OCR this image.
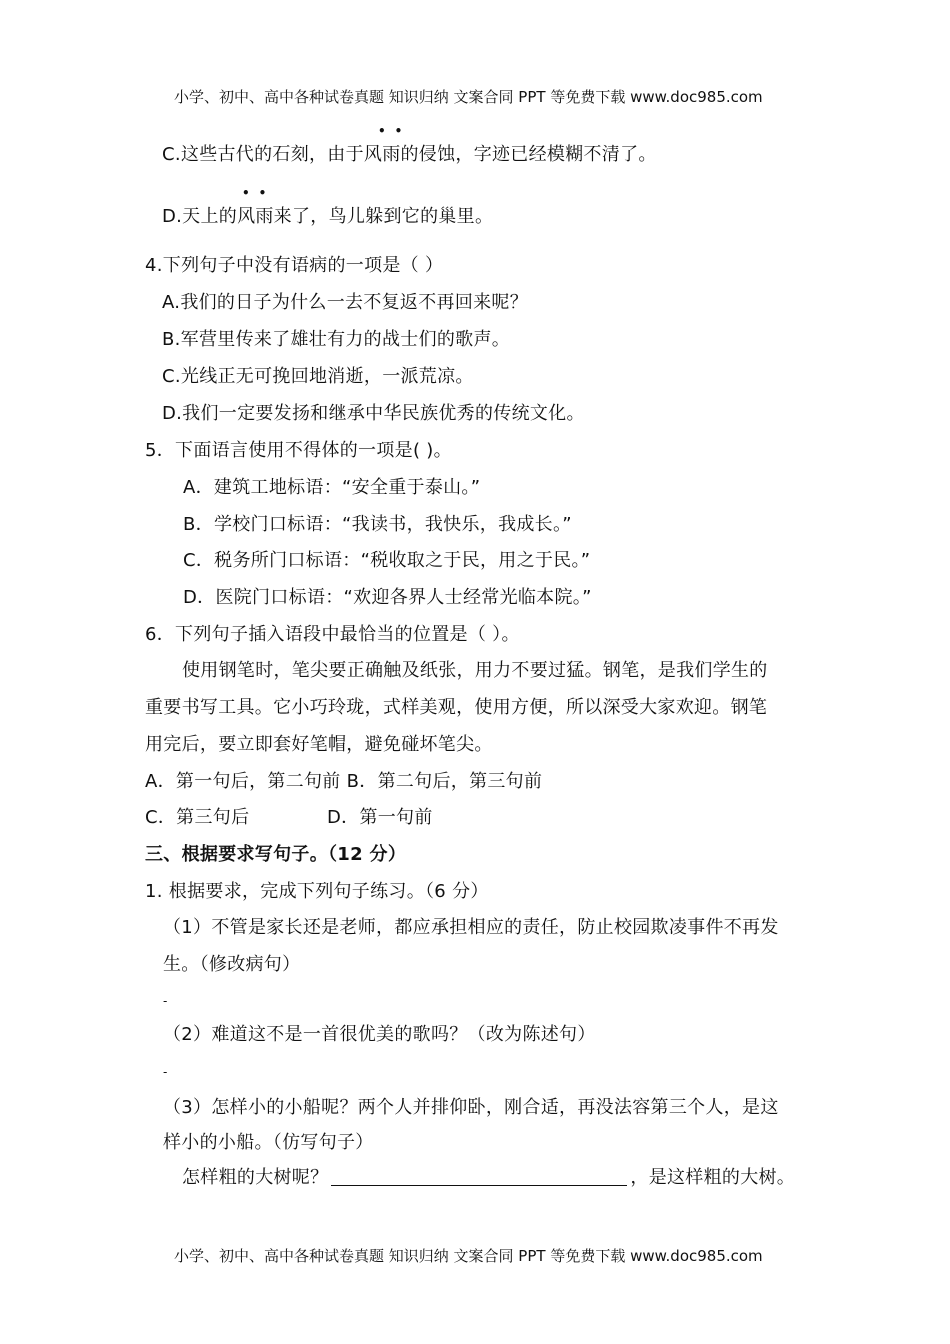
小学、初中、高中各种试卷真题 知识归纳 文案合同 PPT 等免费下载 www.doc985.com
••
C.这些古代的石刻，由于风雨的侵蚀，字迹已经模糊不清了。
••
D.天上的风雨来了，鸟儿躲到它的巢里。
4.下列句子中没有语病的一项是（ ）
A.我们的日子为什么一去不复返不再回来呢？
B.军营里传来了雄壮有力的战士们的歌声。
C.光线正无可挽回地消逝，一派荒凉。
D.我们一定要发扬和继承中华民族优秀的传统文化。
5．下面语言使用不得体的一项是( )。
A．建筑工地标语：“安全重于泰山。”
B．学校门口标语：“我读书，我快乐，我成长。”
C．税务所门口标语：“税收取之于民，用之于民。”
D．医院门口标语：“欢迎各界人士经常光临本院。”
6．下列句子插入语段中最恰当的位置是（ ）。
使用钢笔时，笔尖要正确触及纸张，用力不要过猛。钢笔，是我们学生的
重要书写工具。它小巧玲珑，式样美观，使用方便，所以深受大家欢迎。钢笔
用完后，要立即套好笔帽，避免碰坏笔尖。
A．第一句后，第二句前 B．第二句后，第三句前
C．第三句后	D．第一句前
三、根据要求写句子。（12 分）
1. 根据要求，完成下列句子练习。（6 分）
（1）不管是家长还是老师，都应承担相应的责任，防止校园欺凌事件不再发
生。（修改病句）
-
（2）难道这不是一首很优美的歌吗？（改为陈述句）
-
（3）怎样小的小船呢？两个人并排仰卧，刚合适，再没法容第三个人，是这
样小的小船。（仿写句子）
怎样粗的大树呢？	，是这样粗的大树。
小学、初中、高中各种试卷真题 知识归纳 文案合同 PPT 等免费下载 www.doc985.com
